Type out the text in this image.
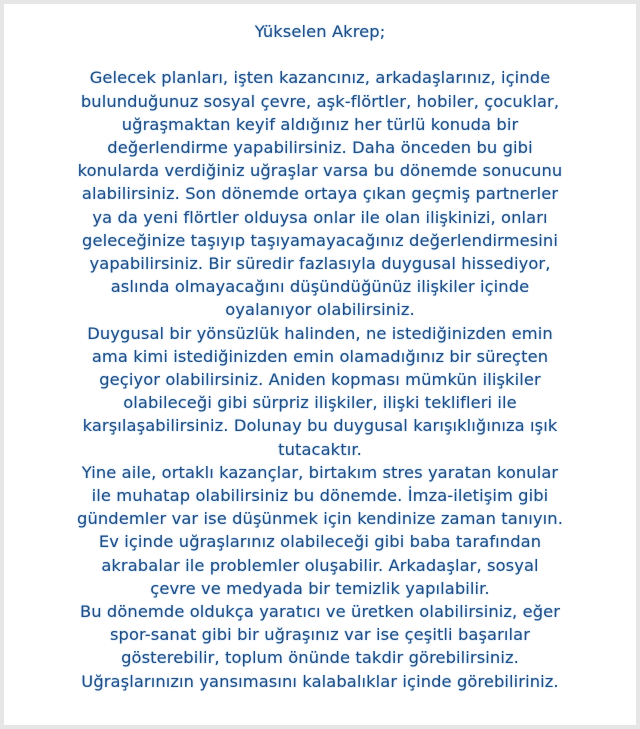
Yükselen Akrep;
Gelecek planları, işten kazancınız, arkadaşlarınız, içinde
bulunduğunuz sosyal çevre, aşk-flörtler, hobiler, çocuklar,
uğraşmaktan keyif aldığınız her türlü konuda bir
değerlendirme yapabilirsiniz. Daha önceden bu gibi
konularda verdiğiniz uğraşlar varsa bu dönemde sonucunu
alabilirsiniz. Son dönemde ortaya çıkan geçmiş partnerler
ya da yeni flörtler olduysa onlar ile olan ilişkinizi, onları
geleceğinize taşıyıp taşıyamayacağınız değerlendirmesini
yapabilirsiniz. Bir süredir fazlasıyla duygusal hissediyor,
aslında olmayacağını düşündüğünüz ilişkiler içinde
oyalanıyor olabilirsiniz.
Duygusal bir yönsüzlük halinden, ne istediğinizden emin
ama kimi istediğinizden emin olamadığınız bir süreçten
geçiyor olabilirsiniz. Aniden kopması mümkün ilişkiler
olabileceği gibi sürpriz ilişkiler, ilişki teklifleri ile
karşılaşabilirsiniz. Dolunay bu duygusal karışıklığınıza ışık
tutacaktır.
Yine aile, ortaklı kazançlar, birtakım stres yaratan konular
ile muhatap olabilirsiniz bu dönemde. İmza-iletişim gibi
gündemler var ise düşünmek için kendinize zaman tanıyın.
Ev içinde uğraşlarınız olabileceği gibi baba tarafından
akrabalar ile problemler oluşabilir. Arkadaşlar, sosyal
çevre ve medyada bir temizlik yapılabilir.
Bu dönemde oldukça yaratıcı ve üretken olabilirsiniz, eğer
spor-sanat gibi bir uğraşınız var ise çeşitli başarılar
gösterebilir, toplum önünde takdir görebilirsiniz.
Uğraşlarınızın yansımasını kalabalıklar içinde görebiliriniz.
